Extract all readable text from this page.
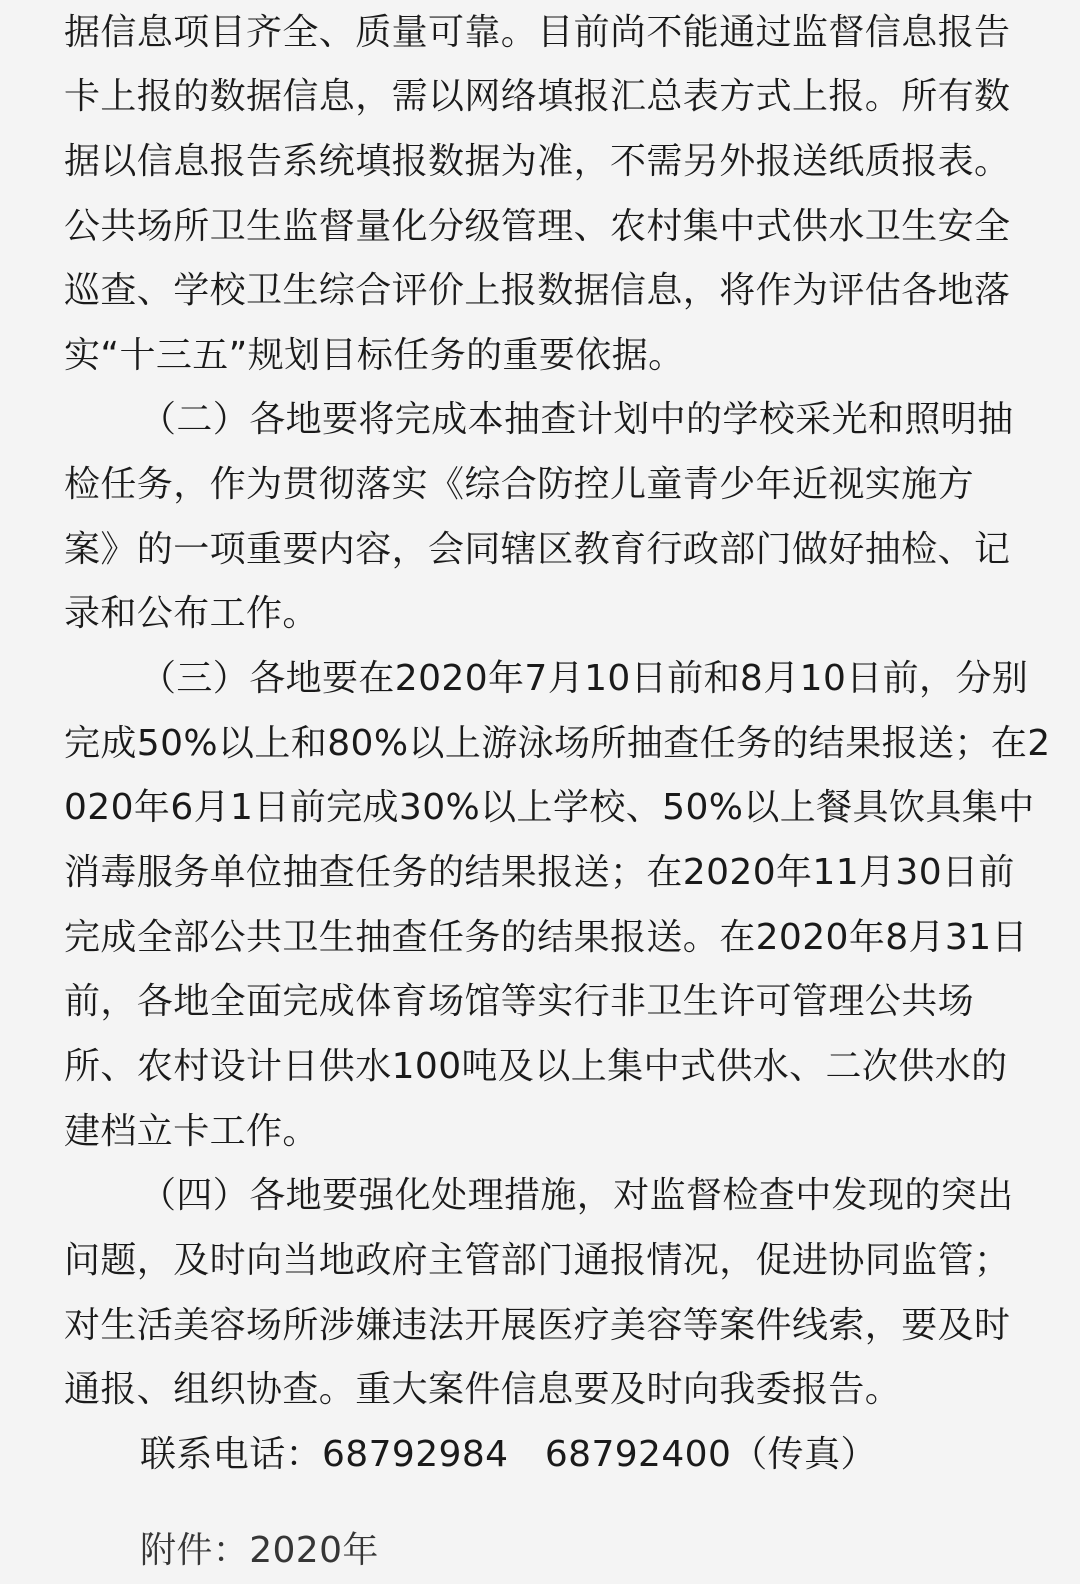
据信息项目齐全、质量可靠。目前尚不能通过监督信息报告
卡上报的数据信息，需以网络填报汇总表方式上报。所有数
据以信息报告系统填报数据为准，不需另外报送纸质报表。
公共场所卫生监督量化分级管理、农村集中式供水卫生安全
巡查、学校卫生综合评价上报数据信息，将作为评估各地落
实“十三五”规划目标任务的重要依据。
（二）各地要将完成本抽查计划中的学校采光和照明抽
检任务，作为贯彻落实《综合防控儿童青少年近视实施方
案》的一项重要内容，会同辖区教育行政部门做好抽检、记
录和公布工作。
（三）各地要在2020年7月10日前和8月10日前，分别
完成50%以上和80%以上游泳场所抽查任务的结果报送；在2
020年6月1日前完成30%以上学校、50%以上餐具饮具集中
消毒服务单位抽查任务的结果报送；在2020年11月30日前
完成全部公共卫生抽查任务的结果报送。在2020年8月31日
前，各地全面完成体育场馆等实行非卫生许可管理公共场
所、农村设计日供水100吨及以上集中式供水、二次供水的
建档立卡工作。
（四）各地要强化处理措施，对监督检查中发现的突出
问题，及时向当地政府主管部门通报情况，促进协同监管；
对生活美容场所涉嫌违法开展医疗美容等案件线索，要及时
通报、组织协查。重大案件信息要及时向我委报告。
联系电话：68792984　68792400（传真）
附件：2020年
